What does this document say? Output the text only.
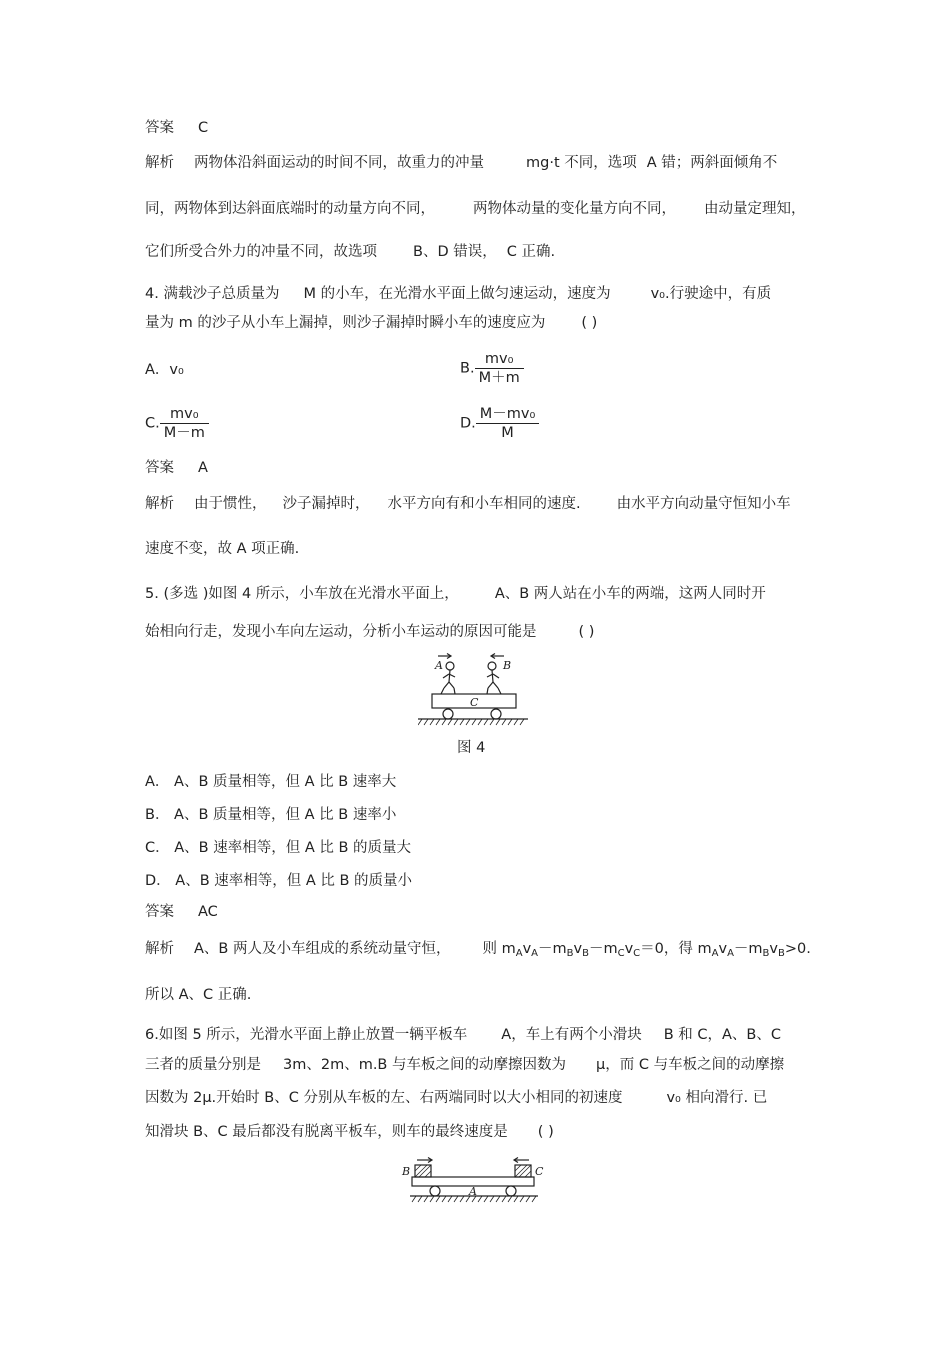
答案 C
解析 两物体沿斜面运动的时间不同，故重力的冲量	mg·t 不同，选项 A 错；两斜面倾角不
同，两物体到达斜面底端时的动量方向不同，	两物体动量的变化量方向不同， 由动量定理知，
它们所受合外力的冲量不同，故选项 B、D 错误， C 正确.
4. 满载沙子总质量为 M 的小车，在光滑水平面上做匀速运动，速度为	v₀.行驶途中，有质
量为 m 的沙子从小车上漏掉，则沙子漏掉时瞬小车的速度应为 ( )
A．v₀	B. $\frac{\text{mv₀}}{M+m}$
C. $\frac{\text{mv₀}}{M-m}$	D. $\frac{\text{M－mv₀}}{M}$
答案 A
解析 由于惯性， 沙子漏掉时， 水平方向有和小车相同的速度. 由水平方向动量守恒知小车
速度不变，故 A 项正确.
5. (多选 )如图 4 所示，小车放在光滑水平面上， A、B 两人站在小车的两端，这两人同时开
始相向行走，发现小车向左运动，分析小车运动的原因可能是	( )
A	B
C
图 4
A． A、B 质量相等，但 A 比 B 速率大
B． A、B 质量相等，但 A 比 B 速率小
C． A、B 速率相等，但 A 比 B 的质量大
D． A、B 速率相等，但 A 比 B 的质量小
答案 AC
解析 A、B 两人及小车组成的系统动量守恒， 则 $m_Av_A-m_Bv_B-m_Cv_C=0$，得 $m_Av_A-m_Bv_B>0$.
所以 A、C 正确.
6.如图 5 所示，光滑水平面上静止放置一辆平板车 A，车上有两个小滑块 B 和 C，A、B、C
三者的质量分别是 3m、2m、m.B 与车板之间的动摩擦因数为 μ，而 C 与车板之间的动摩擦
因数为 2μ.开始时 B、C 分别从车板的左、右两端同时以大小相同的初速度	v₀ 相向滑行. 已
知滑块 B、C 最后都没有脱离平板车，则车的最终速度是 ( )
B	C
A
